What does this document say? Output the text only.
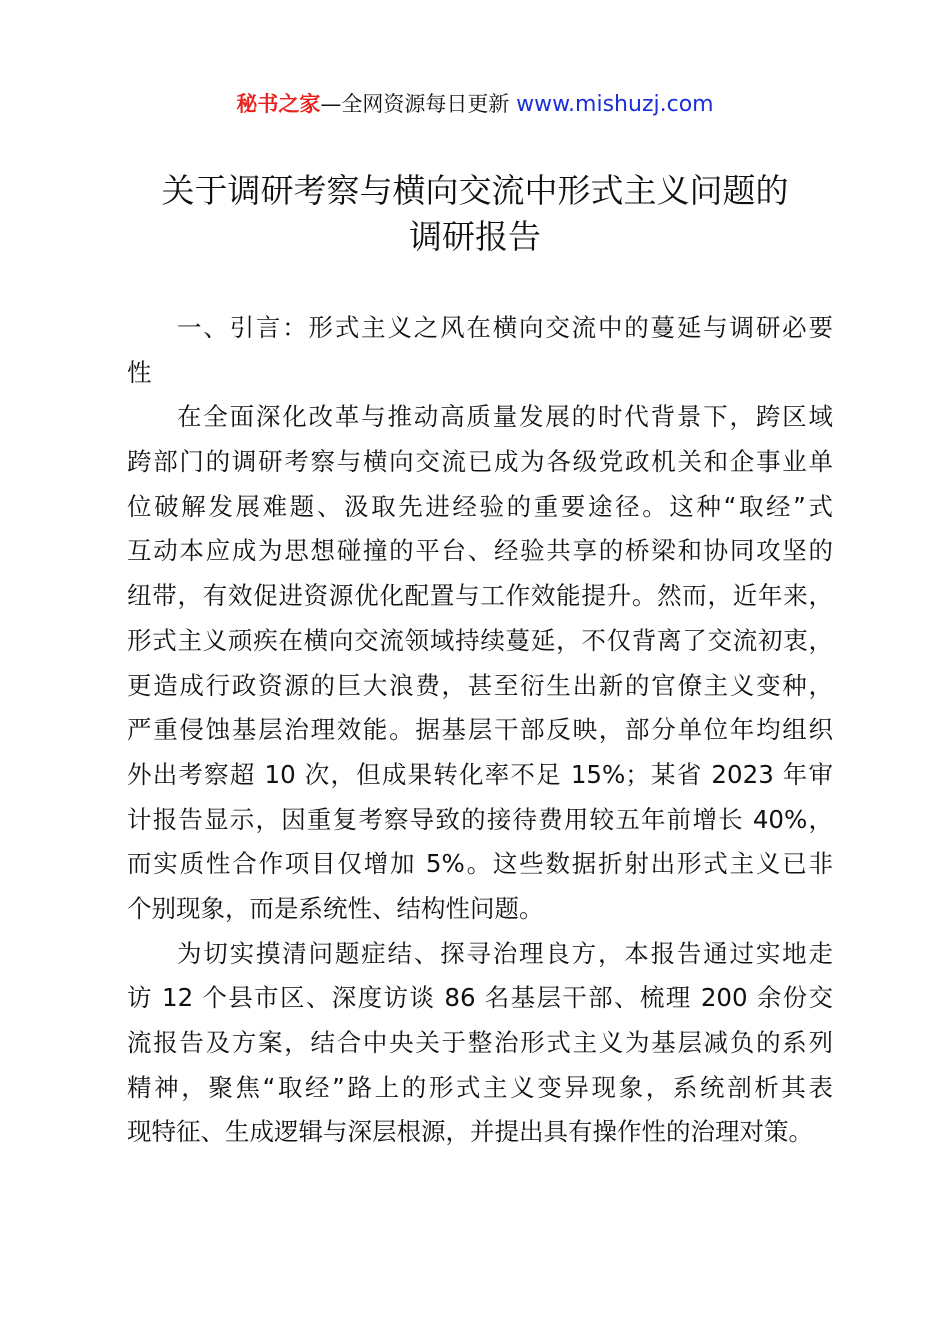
秘书之家—全网资源每日更新 www.mishuzj.com
关于调研考察与横向交流中形式主义问题的
调研报告
一、引言：形式主义之风在横向交流中的蔓延与调研必要
性
在全面深化改革与推动高质量发展的时代背景下，跨区域
跨部门的调研考察与横向交流已成为各级党政机关和企事业单
位破解发展难题、汲取先进经验的重要途径。这种“取经”式
互动本应成为思想碰撞的平台、经验共享的桥梁和协同攻坚的
纽带，有效促进资源优化配置与工作效能提升。然而，近年来，
形式主义顽疾在横向交流领域持续蔓延，不仅背离了交流初衷，
更造成行政资源的巨大浪费，甚至衍生出新的官僚主义变种，
严重侵蚀基层治理效能。据基层干部反映，部分单位年均组织
外出考察超 10 次，但成果转化率不足 15%；某省 2023 年审
计报告显示，因重复考察导致的接待费用较五年前增长 40%，
而实质性合作项目仅增加 5%。这些数据折射出形式主义已非
个别现象，而是系统性、结构性问题。
为切实摸清问题症结、探寻治理良方，本报告通过实地走
访 12 个县市区、深度访谈 86 名基层干部、梳理 200 余份交
流报告及方案，结合中央关于整治形式主义为基层减负的系列
精神，聚焦“取经”路上的形式主义变异现象，系统剖析其表
现特征、生成逻辑与深层根源，并提出具有操作性的治理对策。
